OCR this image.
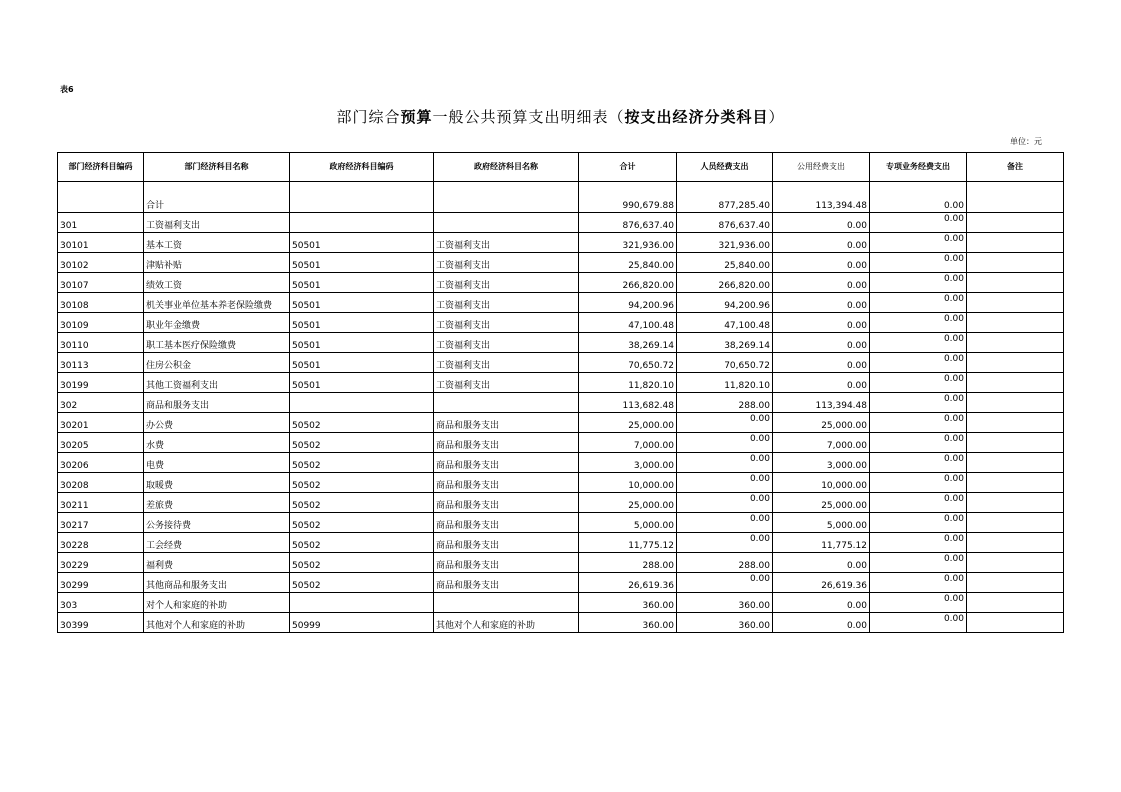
表6
部门综合预算一般公共预算支出明细表（按支出经济分类科目）
单位：元
部门经济科目编码	部门经济科目名称	政府经济科目编码	政府经济科目名称	合计	人员经费支出	公用经费支出	专项业务经费支出	备注
	合计			990,679.88	877,285.40	113,394.48	0.00	
301	工资福利支出			876,637.40	876,637.40	0.00	0.00	
30101	基本工资	50501	工资福利支出	321,936.00	321,936.00	0.00	0.00	
30102	津贴补贴	50501	工资福利支出	25,840.00	25,840.00	0.00	0.00	
30107	绩效工资	50501	工资福利支出	266,820.00	266,820.00	0.00	0.00	
30108	机关事业单位基本养老保险缴费	50501	工资福利支出	94,200.96	94,200.96	0.00	0.00	
30109	职业年金缴费	50501	工资福利支出	47,100.48	47,100.48	0.00	0.00	
30110	职工基本医疗保险缴费	50501	工资福利支出	38,269.14	38,269.14	0.00	0.00	
30113	住房公积金	50501	工资福利支出	70,650.72	70,650.72	0.00	0.00	
30199	其他工资福利支出	50501	工资福利支出	11,820.10	11,820.10	0.00	0.00	
302	商品和服务支出			113,682.48	288.00	113,394.48	0.00	
30201	办公费	50502	商品和服务支出	25,000.00	0.00	25,000.00	0.00	
30205	水费	50502	商品和服务支出	7,000.00	0.00	7,000.00	0.00	
30206	电费	50502	商品和服务支出	3,000.00	0.00	3,000.00	0.00	
30208	取暖费	50502	商品和服务支出	10,000.00	0.00	10,000.00	0.00	
30211	差旅费	50502	商品和服务支出	25,000.00	0.00	25,000.00	0.00	
30217	公务接待费	50502	商品和服务支出	5,000.00	0.00	5,000.00	0.00	
30228	工会经费	50502	商品和服务支出	11,775.12	0.00	11,775.12	0.00	
30229	福利费	50502	商品和服务支出	288.00	288.00	0.00	0.00	
30299	其他商品和服务支出	50502	商品和服务支出	26,619.36	0.00	26,619.36	0.00	
303	对个人和家庭的补助			360.00	360.00	0.00	0.00	
30399	其他对个人和家庭的补助	50999	其他对个人和家庭的补助	360.00	360.00	0.00	0.00	
